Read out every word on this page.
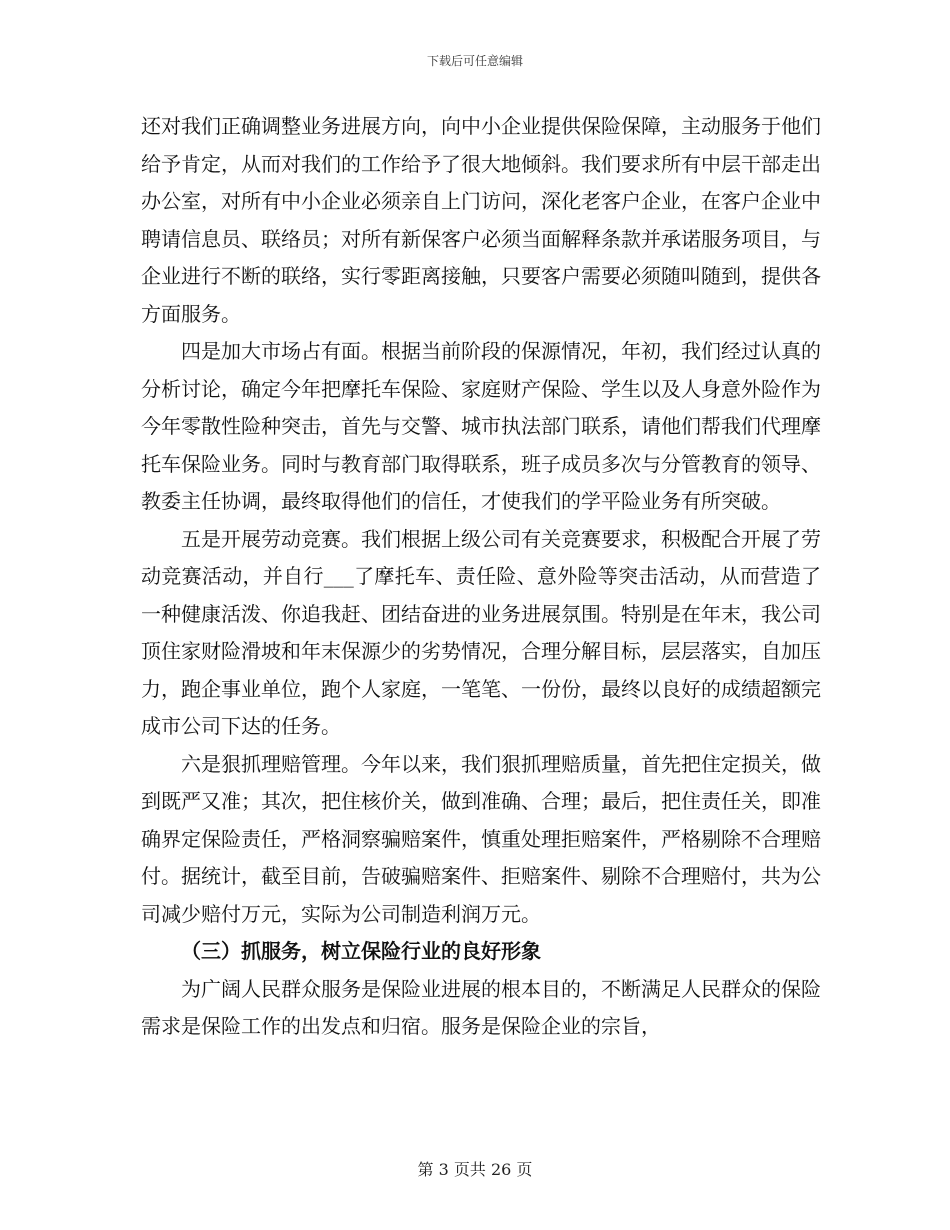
下载后可任意编辑

还对我们正确调整业务进展方向，向中小企业提供保险保障，主动服务于他们给予肯定，从而对我们的工作给予了很大地倾斜。我们要求所有中层干部走出办公室，对所有中小企业必须亲自上门访问，深化老客户企业，在客户企业中聘请信息员、联络员；对所有新保客户必须当面解释条款并承诺服务项目，与企业进行不断的联络，实行零距离接触，只要客户需要必须随叫随到，提供各方面服务。

四是加大市场占有面。根据当前阶段的保源情况，年初，我们经过认真的分析讨论，确定今年把摩托车保险、家庭财产保险、学生以及人身意外险作为今年零散性险种突击，首先与交警、城市执法部门联系，请他们帮我们代理摩托车保险业务。同时与教育部门取得联系，班子成员多次与分管教育的领导、教委主任协调，最终取得他们的信任，才使我们的学平险业务有所突破。

五是开展劳动竞赛。我们根据上级公司有关竞赛要求，积极配合开展了劳动竞赛活动，并自行___了摩托车、责任险、意外险等突击活动，从而营造了一种健康活泼、你追我赶、团结奋进的业务进展氛围。特别是在年末，我公司顶住家财险滑坡和年末保源少的劣势情况，合理分解目标，层层落实，自加压力，跑企事业单位，跑个人家庭，一笔笔、一份份，最终以良好的成绩超额完成市公司下达的任务。

六是狠抓理赔管理。今年以来，我们狠抓理赔质量，首先把住定损关，做到既严又准；其次，把住核价关，做到准确、合理；最后，把住责任关，即准确界定保险责任，严格洞察骗赔案件，慎重处理拒赔案件，严格剔除不合理赔付。据统计，截至目前，告破骗赔案件、拒赔案件、剔除不合理赔付，共为公司减少赔付万元，实际为公司制造利润万元。

（三）抓服务，树立保险行业的良好形象

为广阔人民群众服务是保险业进展的根本目的，不断满足人民群众的保险需求是保险工作的出发点和归宿。服务是保险企业的宗旨，

第 3 页共 26 页
